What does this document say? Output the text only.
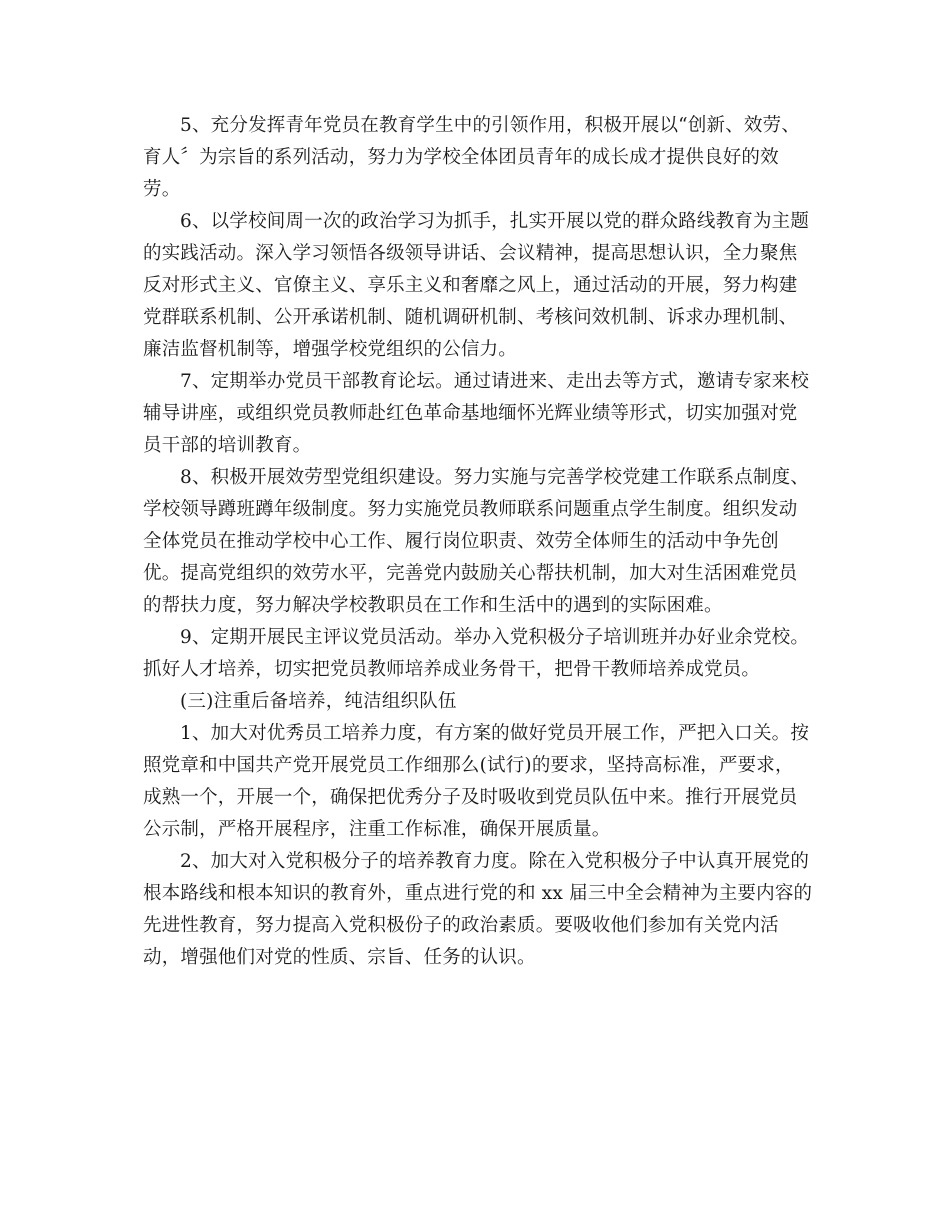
5、充分发挥青年党员在教育学生中的引领作用，积极开展以“创新、效劳、
育人〞为宗旨的系列活动，努力为学校全体团员青年的成长成才提供良好的效
劳。
6、以学校间周一次的政治学习为抓手，扎实开展以党的群众路线教育为主题
的实践活动。深入学习领悟各级领导讲话、会议精神，提高思想认识，全力聚焦
反对形式主义、官僚主义、享乐主义和奢靡之风上，通过活动的开展，努力构建
党群联系机制、公开承诺机制、随机调研机制、考核问效机制、诉求办理机制、
廉洁监督机制等，增强学校党组织的公信力。
7、定期举办党员干部教育论坛。通过请进来、走出去等方式，邀请专家来校
辅导讲座，或组织党员教师赴红色革命基地缅怀光辉业绩等形式，切实加强对党
员干部的培训教育。
8、积极开展效劳型党组织建设。努力实施与完善学校党建工作联系点制度、
学校领导蹲班蹲年级制度。努力实施党员教师联系问题重点学生制度。组织发动
全体党员在推动学校中心工作、履行岗位职责、效劳全体师生的活动中争先创
优。提高党组织的效劳水平，完善党内鼓励关心帮扶机制，加大对生活困难党员
的帮扶力度，努力解决学校教职员在工作和生活中的遇到的实际困难。
9、定期开展民主评议党员活动。举办入党积极分子培训班并办好业余党校。
抓好人才培养，切实把党员教师培养成业务骨干，把骨干教师培养成党员。
(三)注重后备培养，纯洁组织队伍
1、加大对优秀员工培养力度，有方案的做好党员开展工作，严把入口关。按
照党章和中国共产党开展党员工作细那么(试行)的要求，坚持高标准，严要求，
成熟一个，开展一个，确保把优秀分子及时吸收到党员队伍中来。推行开展党员
公示制，严格开展程序，注重工作标准，确保开展质量。
2、加大对入党积极分子的培养教育力度。除在入党积极分子中认真开展党的
根本路线和根本知识的教育外，重点进行党的和 xx 届三中全会精神为主要内容的
先进性教育，努力提高入党积极份子的政治素质。要吸收他们参加有关党内活
动，增强他们对党的性质、宗旨、任务的认识。
